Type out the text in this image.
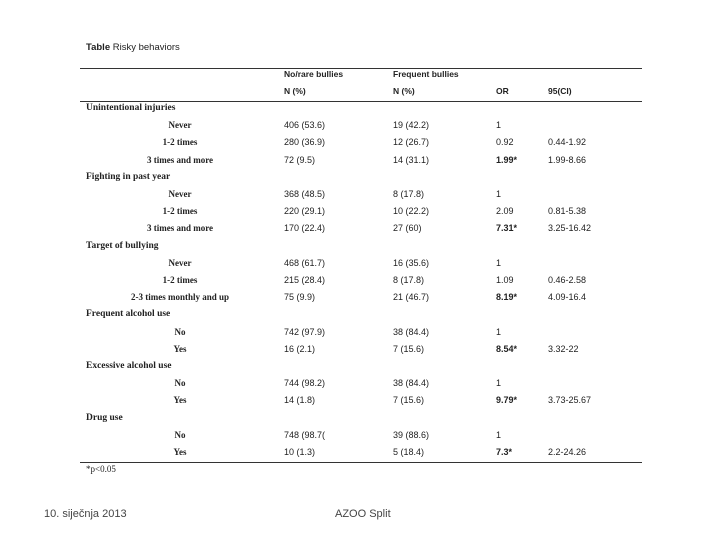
Table Risky behaviors
No/rare bullies	Frequent bullies
N (%)	N (%)	OR	95(CI)
Unintentional injuries
Never	406 (53.6)	19 (42.2)	1
1-2 times	280 (36.9)	12 (26.7)	0.92	0.44-1.92
3 times and more	72 (9.5)	14 (31.1)	1.99*	1.99-8.66
Fighting in past year
Never	368 (48.5)	8 (17.8)	1
1-2 times	220 (29.1)	10 (22.2)	2.09	0.81-5.38
3 times and more	170 (22.4)	27 (60)	7.31*	3.25-16.42
Target of bullying
Never	468 (61.7)	16 (35.6)	1
1-2 times	215 (28.4)	8 (17.8)	1.09	0.46-2.58
2-3 times monthly and up	75 (9.9)	21 (46.7)	8.19*	4.09-16.4
Frequent alcohol use
No	742 (97.9)	38 (84.4)	1
Yes	16 (2.1)	7 (15.6)	8.54*	3.32-22
Excessive alcohol use
No	744 (98.2)	38 (84.4)	1
Yes	14 (1.8)	7 (15.6)	9.79*	3.73-25.67
Drug use
No	748 (98.7(	39 (88.6)	1
Yes	10 (1.3)	5 (18.4)	7.3*	2.2-24.26
*p<0.05
10. siječnja 2013	AZOO Split
